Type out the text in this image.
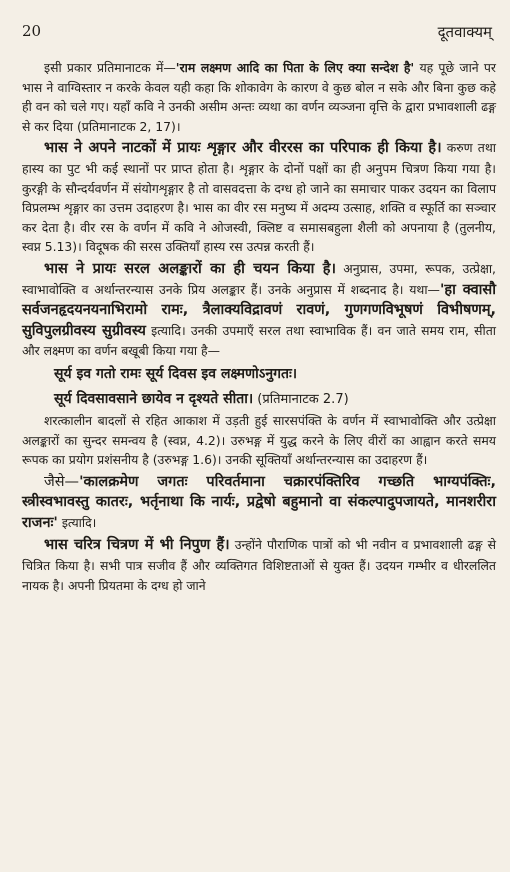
20	दूतवाक्यम्

इसी प्रकार प्रतिमानाटक में—'राम लक्ष्मण आदि का पिता के लिए क्या सन्देश है' यह पूछे जाने पर भास ने वाग्विस्तार न करके केवल यही कहा कि शोकावेग के कारण वे कुछ बोल न सके और बिना कुछ कहे ही वन को चले गए। यहाँ कवि ने उनकी असीम अन्तः व्यथा का वर्णन व्यञ्जना वृत्ति के द्वारा प्रभावशाली ढङ्ग से कर दिया (प्रतिमानाटक 2, 17)।

भास ने अपने नाटकों में प्रायः शृङ्गार और वीररस का परिपाक ही किया है। करुण तथा हास्य का पुट भी कई स्थानों पर प्राप्त होता है। शृङ्गार के दोनों पक्षों का ही अनुपम चित्रण किया गया है। कुरङ्गी के सौन्दर्यवर्णन में संयोगशृङ्गार है तो वासवदत्ता के दग्ध हो जाने का समाचार पाकर उदयन का विलाप विप्रलम्भ शृङ्गार का उत्तम उदाहरण है। भास का वीर रस मनुष्य में अदम्य उत्साह, शक्ति व स्फूर्ति का सञ्चार कर देता है। वीर रस के वर्णन में कवि ने ओजस्वी, क्लिष्ट व समासबहुला शैली को अपनाया है (तुलनीय, स्वप्न 5.13)। विदूषक की सरस उक्तियाँ हास्य रस उत्पन्न करती हैं।

भास ने प्रायः सरल अलङ्कारों का ही चयन किया है। अनुप्रास, उपमा, रूपक, उत्प्रेक्षा, स्वाभावोक्ति व अर्थान्तरन्यास उनके प्रिय अलङ्कार हैं। उनके अनुप्रास में शब्दनाद है। यथा—'हा क्वासौ सर्वजनहृदयनयनाभिरामो रामः, त्रैलाक्यविद्रावणं रावणं, गुणगणविभूषणं विभीषणम्, सुविपुलग्रीवस्य सुग्रीवस्य इत्यादि। उनकी उपमाएँ सरल तथा स्वाभाविक हैं। वन जाते समय राम, सीता और लक्ष्मण का वर्णन बखूबी किया गया है—

सूर्य इव गतो रामः सूर्य दिवस इव लक्ष्मणोऽनुगतः।
सूर्य दिवसावसाने छायेव न दृश्यते सीता। (प्रतिमानाटक 2.7)

शरत्कालीन बादलों से रहित आकाश में उड़ती हुई सारसपंक्ति के वर्णन में स्वाभावोक्ति और उत्प्रेक्षा अलङ्कारों का सुन्दर समन्वय है (स्वप्न, 4.2)। उरुभङ्ग में युद्ध करने के लिए वीरों का आह्वान करते समय रूपक का प्रयोग प्रशंसनीय है (उरुभङ्ग 1.6)। उनकी सूक्तियाँ अर्थान्तरन्यास का उदाहरण हैं।

जैसे—'कालक्रमेण जगतः परिवर्तमाना चक्रारपंक्तिरिव गच्छति भाग्यपंक्तिः, स्त्रीस्वभावस्तु कातरः, भर्तृनाथा कि नार्यः, प्रद्वेषो बहुमानो वा संकल्पादुपजायते, मानशरीरा राजनः' इत्यादि।

भास चरित्र चित्रण में भी निपुण हैं। उन्होंने पौराणिक पात्रों को भी नवीन व प्रभावशाली ढङ्ग से चित्रित किया है। सभी पात्र सजीव हैं और व्यक्तिगत विशिष्टताओं से युक्त हैं। उदयन गम्भीर व धीरललित नायक है। अपनी प्रियतमा के दग्ध हो जाने
